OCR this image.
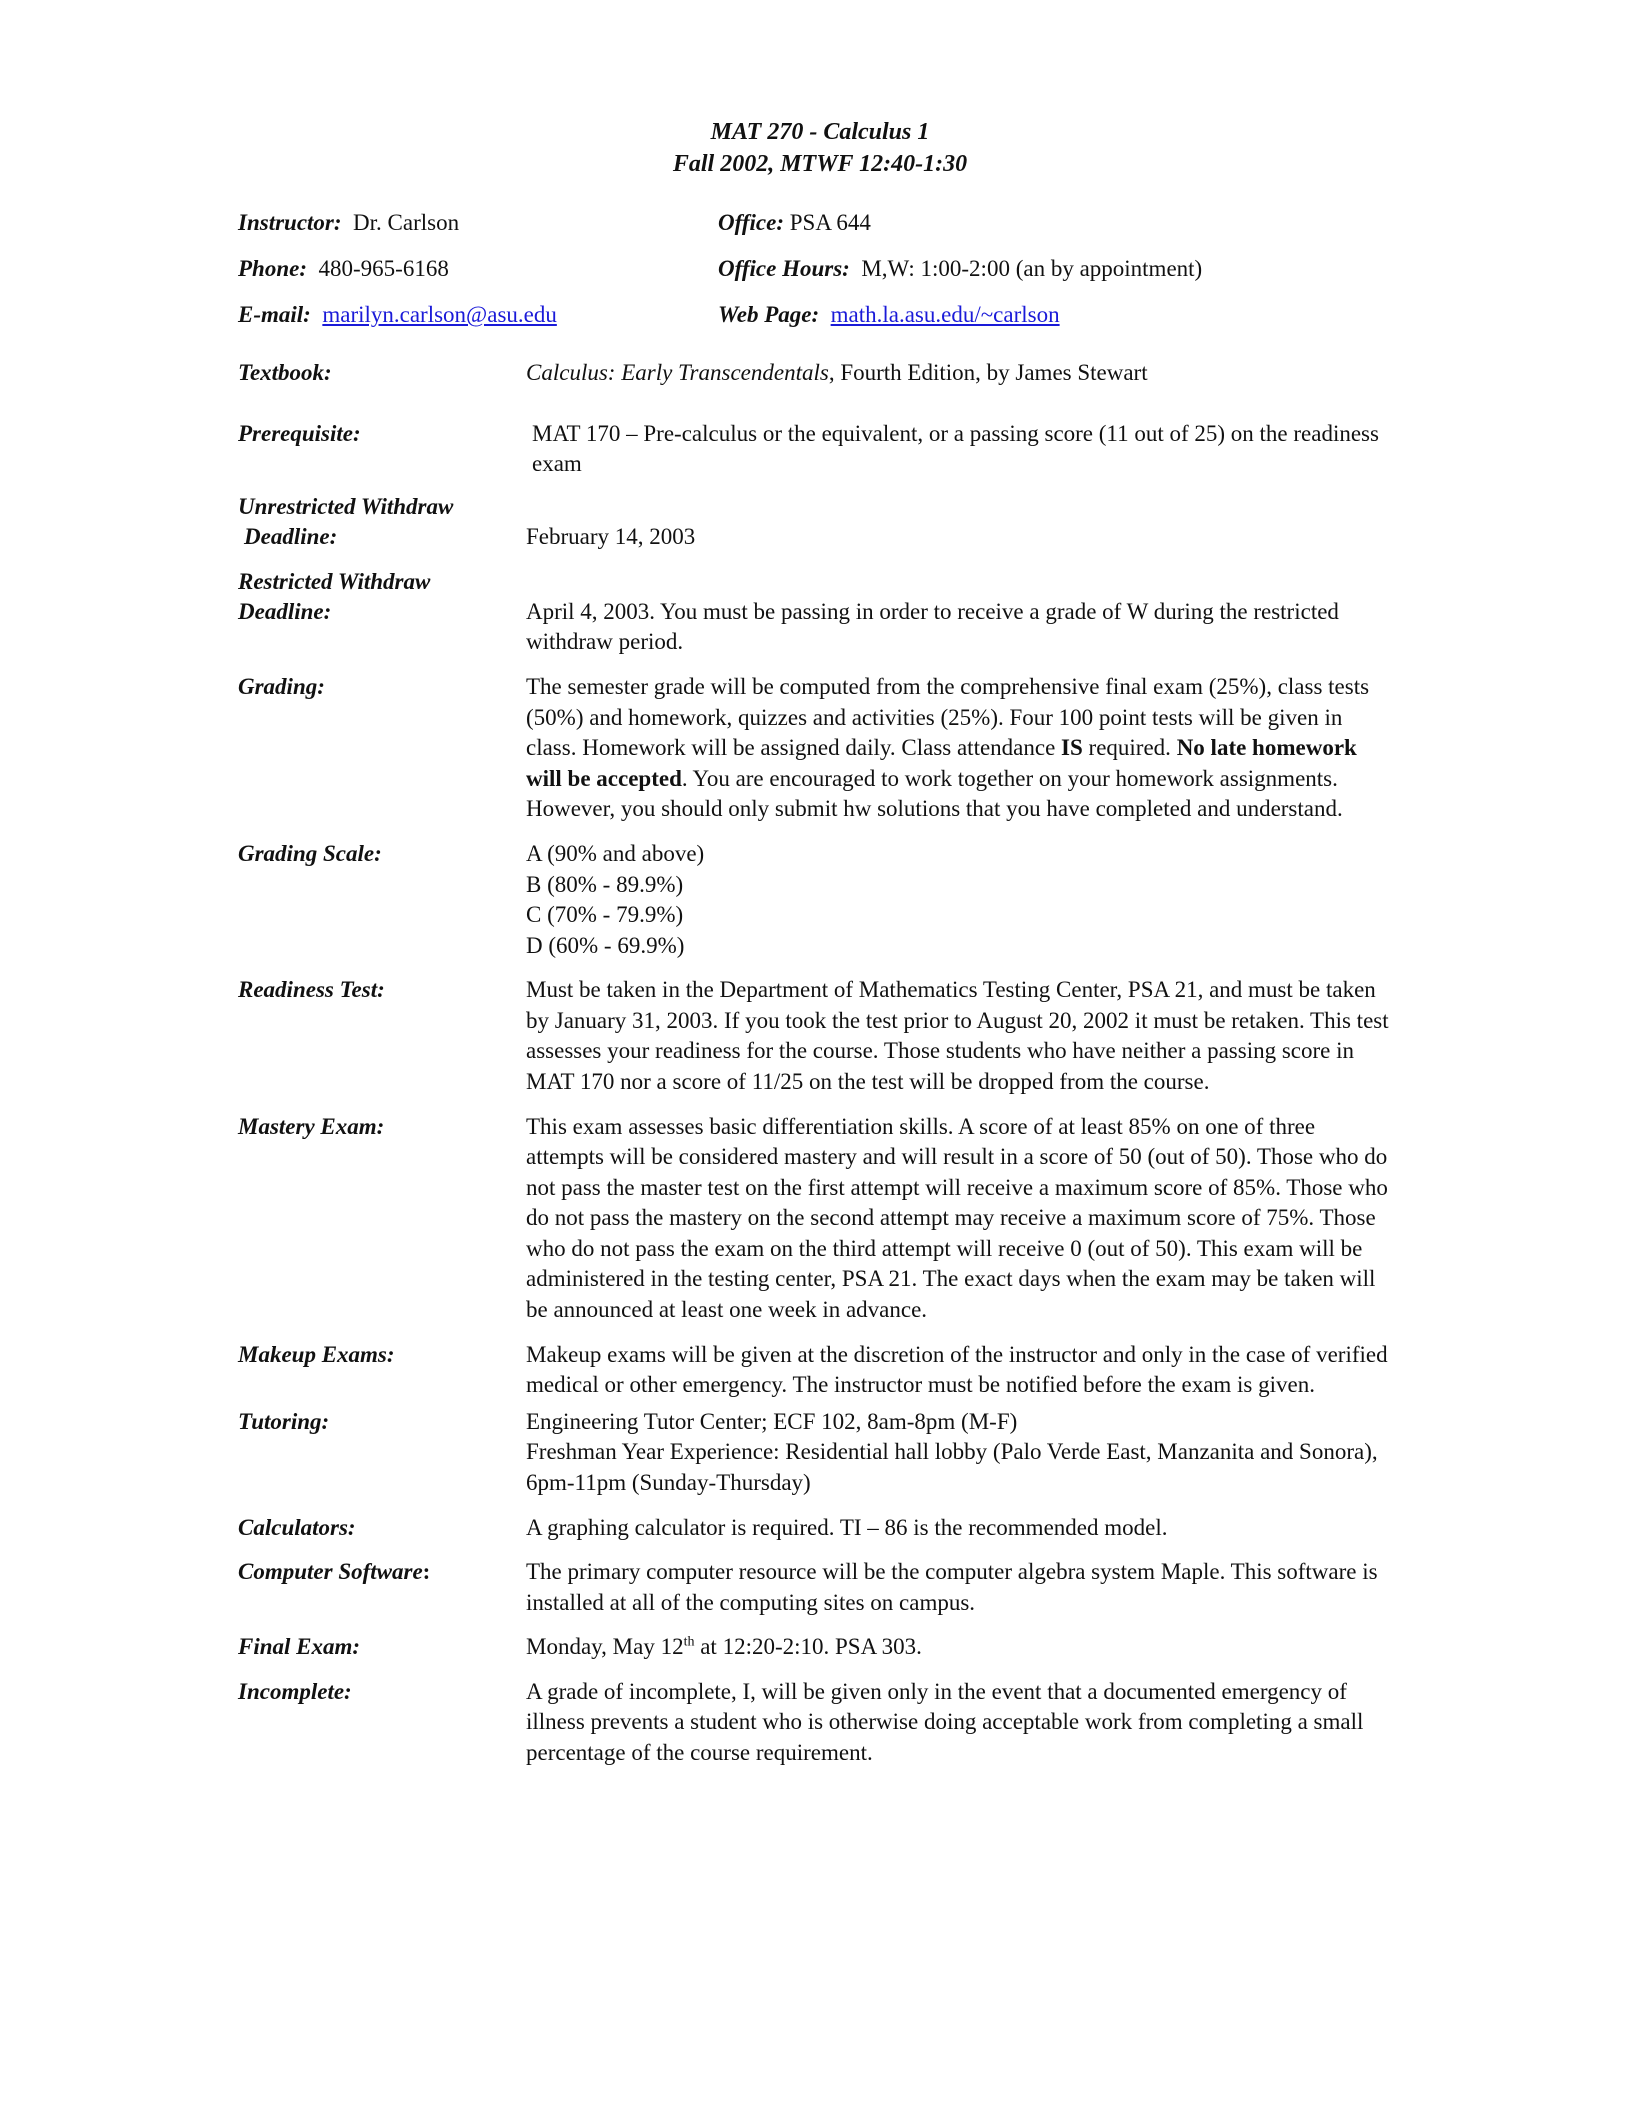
MAT 270 - Calculus 1
Fall 2002, MTWF 12:40-1:30
Instructor: Dr. Carlson	Office: PSA 644
Phone: 480-965-6168	Office Hours: M,W: 1:00-2:00 (an by appointment)
E-mail: marilyn.carlson@asu.edu	Web Page: math.la.asu.edu/~carlson
Textbook:	Calculus: Early Transcendentals, Fourth Edition, by James Stewart
Prerequisite:	MAT 170 – Pre-calculus or the equivalent, or a passing score (11 out of 25) on the readiness exam
Unrestricted Withdraw
Deadline:	February 14, 2003
Restricted Withdraw
Deadline:	April 4, 2003. You must be passing in order to receive a grade of W during the restricted withdraw period.
Grading:	The semester grade will be computed from the comprehensive final exam (25%), class tests (50%) and homework, quizzes and activities (25%). Four 100 point tests will be given in class. Homework will be assigned daily. Class attendance IS required. No late homework will be accepted. You are encouraged to work together on your homework assignments. However, you should only submit hw solutions that you have completed and understand.
Grading Scale:	A (90% and above)
B (80% - 89.9%)
C (70% - 79.9%)
D (60% - 69.9%)
Readiness Test:	Must be taken in the Department of Mathematics Testing Center, PSA 21, and must be taken by January 31, 2003. If you took the test prior to August 20, 2002 it must be retaken. This test assesses your readiness for the course. Those students who have neither a passing score in MAT 170 nor a score of 11/25 on the test will be dropped from the course.
Mastery Exam:	This exam assesses basic differentiation skills. A score of at least 85% on one of three attempts will be considered mastery and will result in a score of 50 (out of 50). Those who do not pass the master test on the first attempt will receive a maximum score of 85%. Those who do not pass the mastery on the second attempt may receive a maximum score of 75%. Those who do not pass the exam on the third attempt will receive 0 (out of 50). This exam will be administered in the testing center, PSA 21. The exact days when the exam may be taken will be announced at least one week in advance.
Makeup Exams:	Makeup exams will be given at the discretion of the instructor and only in the case of verified medical or other emergency. The instructor must be notified before the exam is given.
Tutoring:	Engineering Tutor Center; ECF 102, 8am-8pm (M-F)
Freshman Year Experience: Residential hall lobby (Palo Verde East, Manzanita and Sonora), 6pm-11pm (Sunday-Thursday)
Calculators:	A graphing calculator is required. TI – 86 is the recommended model.
Computer Software:	The primary computer resource will be the computer algebra system Maple. This software is installed at all of the computing sites on campus.
Final Exam:	Monday, May 12th at 12:20-2:10. PSA 303.
Incomplete:	A grade of incomplete, I, will be given only in the event that a documented emergency of illness prevents a student who is otherwise doing acceptable work from completing a small percentage of the course requirement.
